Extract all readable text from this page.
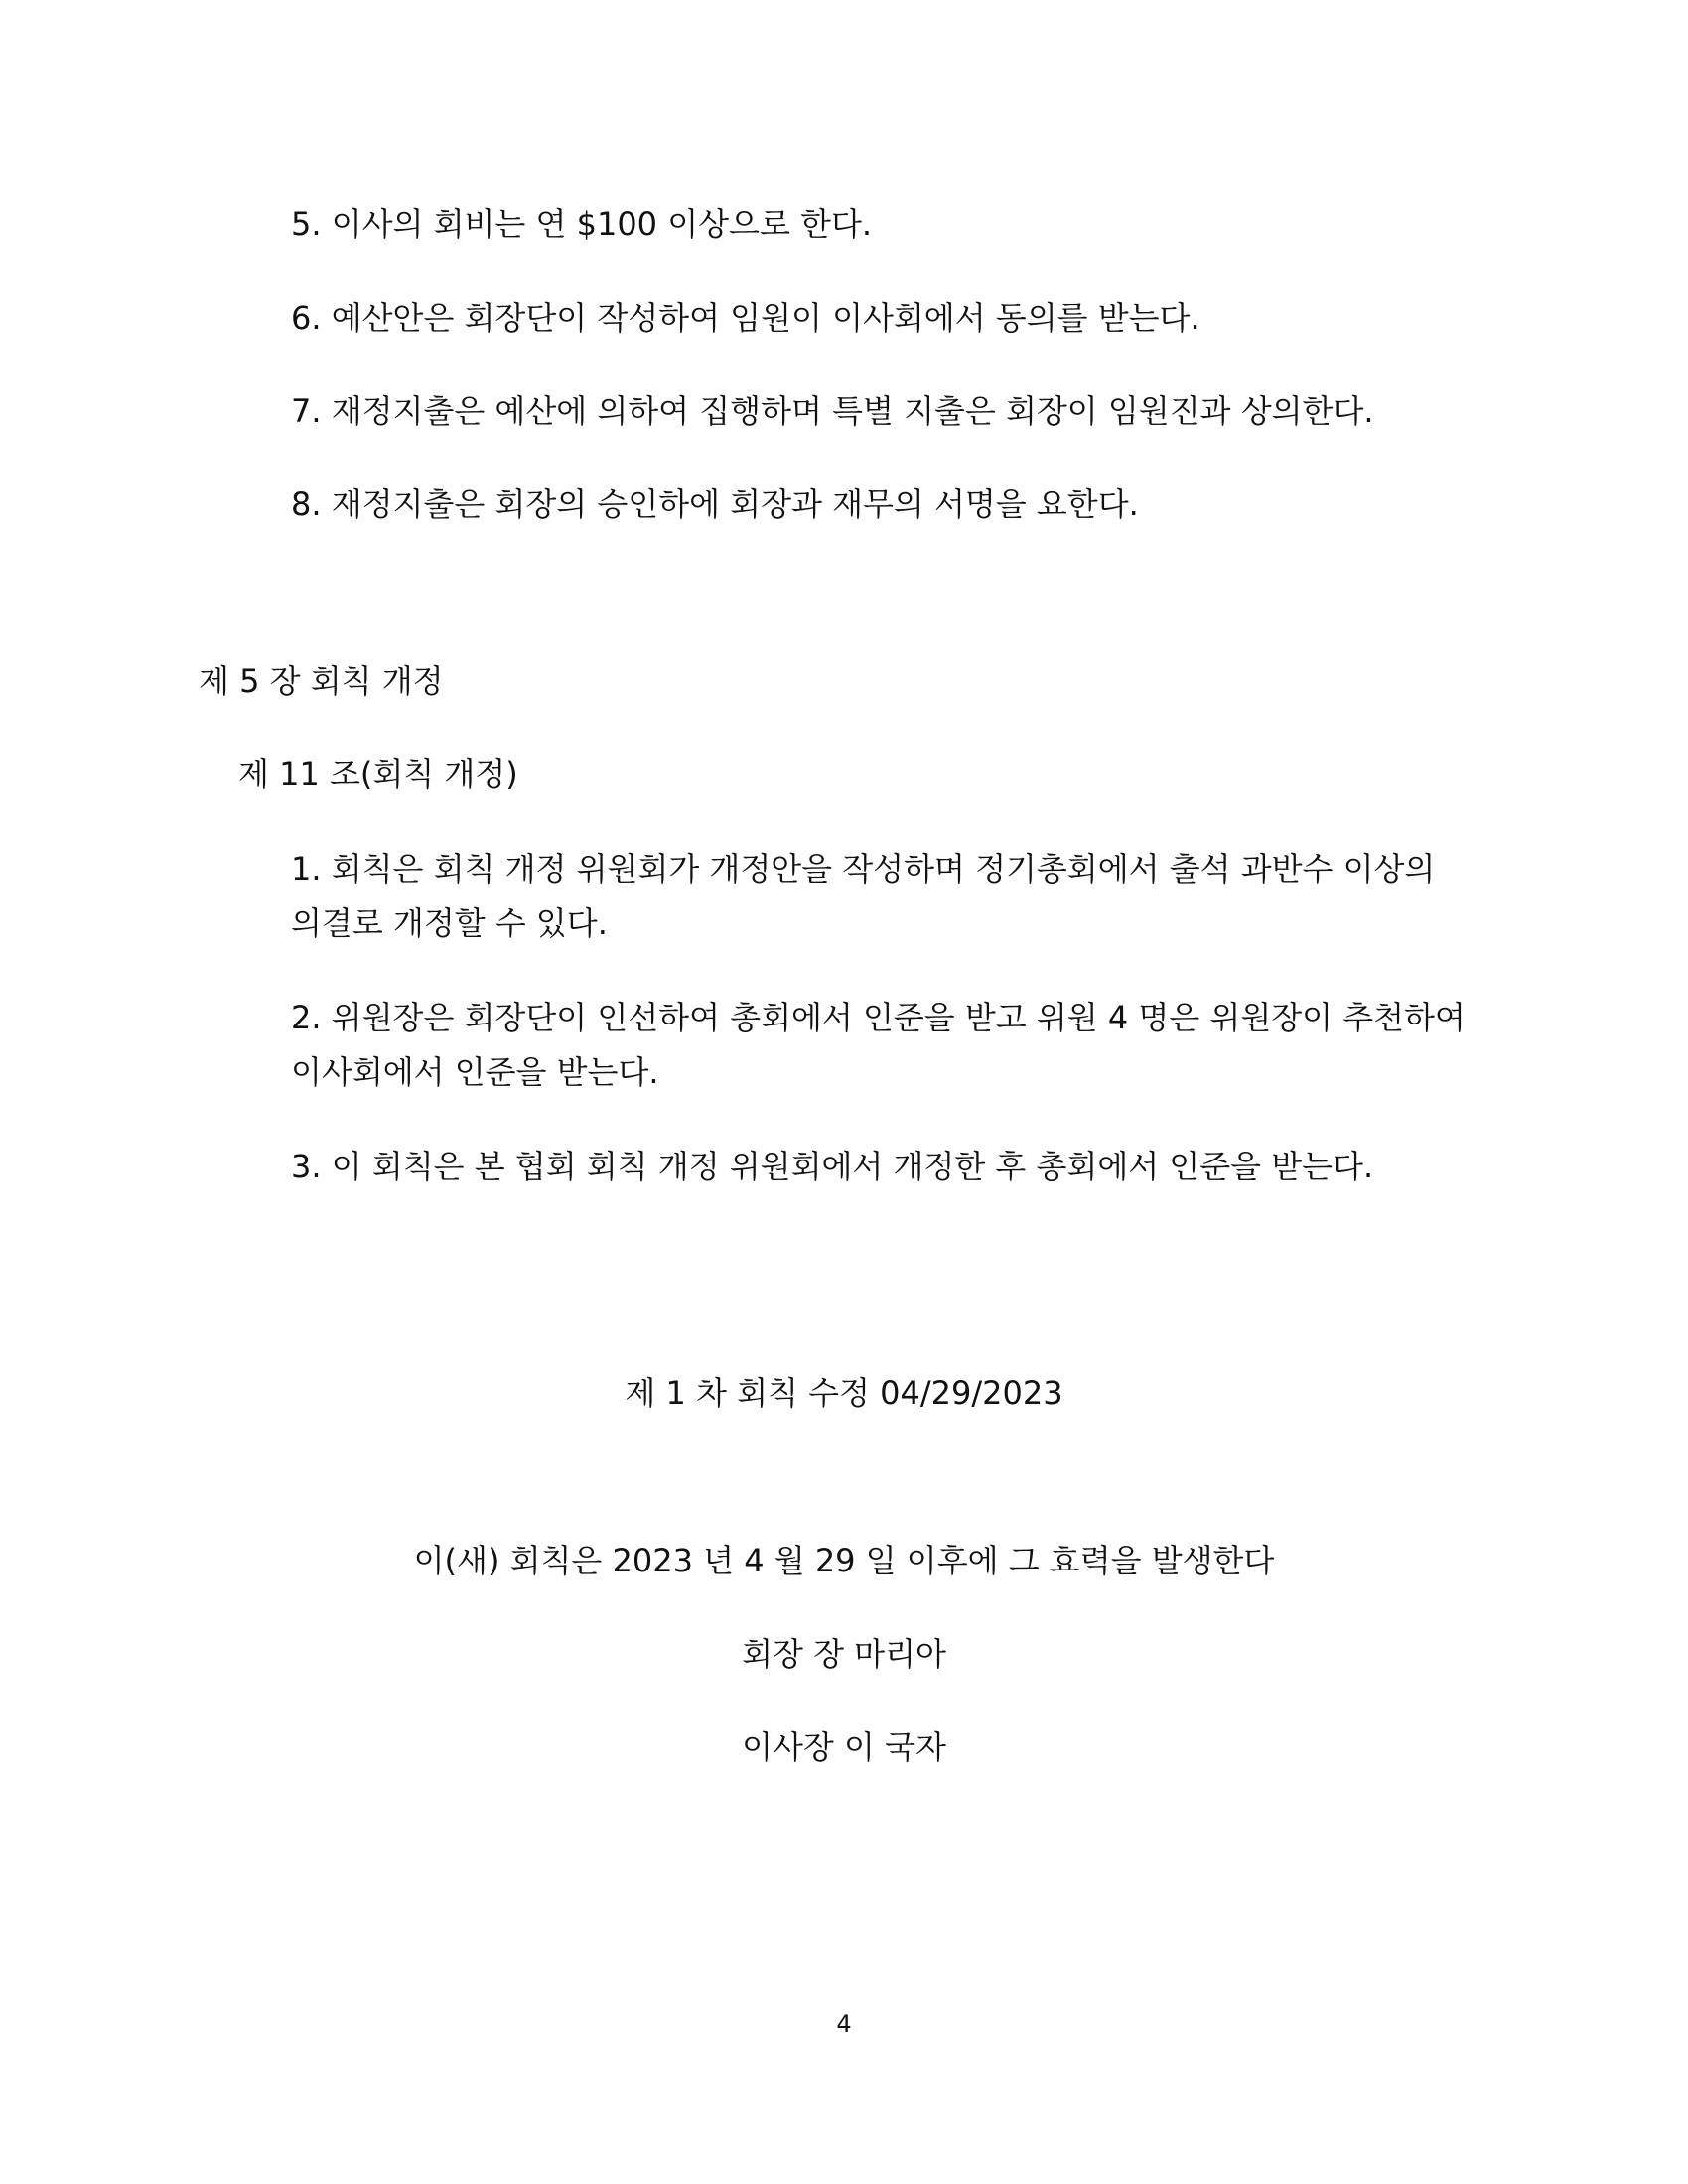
5. 이사의 회비는 연 $100 이상으로 한다.
6. 예산안은 회장단이 작성하여 임원이 이사회에서 동의를 받는다.
7. 재정지출은 예산에 의하여 집행하며 특별 지출은 회장이 임원진과 상의한다.
8. 재정지출은 회장의 승인하에 회장과 재무의 서명을 요한다.
제 5 장 회칙 개정
제 11 조(회칙 개정)
1. 회칙은 회칙 개정 위원회가 개정안을 작성하며 정기총회에서 출석 과반수 이상의
의결로 개정할 수 있다.
2. 위원장은 회장단이 인선하여 총회에서 인준을 받고 위원 4 명은 위원장이 추천하여
이사회에서 인준을 받는다.
3. 이 회칙은 본 협회 회칙 개정 위원회에서 개정한 후 총회에서 인준을 받는다.
제 1 차 회칙 수정 04/29/2023
이(새) 회칙은 2023 년 4 월 29 일 이후에 그 효력을 발생한다
회장 장 마리아
이사장 이 국자
4
